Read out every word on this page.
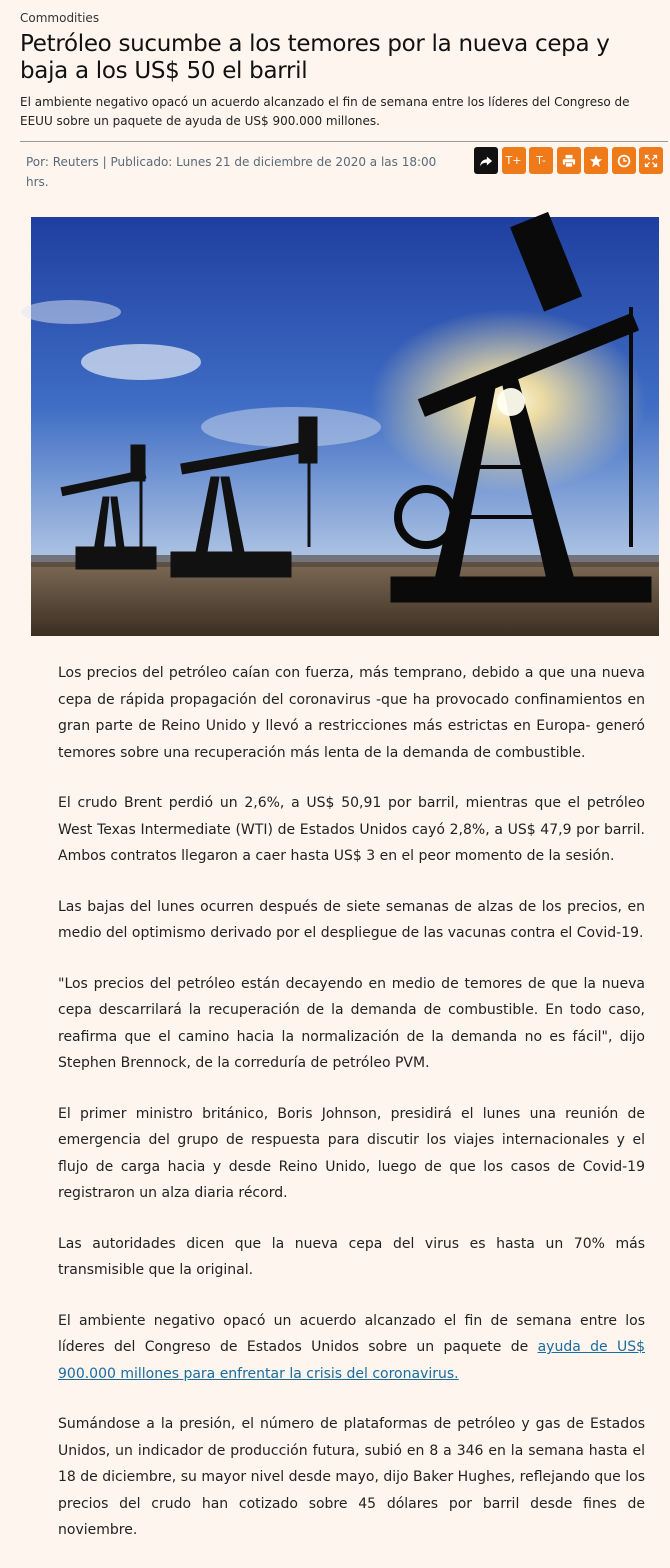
Commodities
Petróleo sucumbe a los temores por la nueva cepa y baja a los US$ 50 el barril
El ambiente negativo opacó un acuerdo alcanzado el fin de semana entre los líderes del Congreso de EEUU sobre un paquete de ayuda de US$ 900.000 millones.
Por: Reuters | Publicado: Lunes 21 de diciembre de 2020 a las 18:00 hrs.
T+	T-

Los precios del petróleo caían con fuerza, más temprano, debido a que una nueva cepa de rápida propagación del coronavirus -que ha provocado confinamientos en gran parte de Reino Unido y llevó a restricciones más estrictas en Europa- generó temores sobre una recuperación más lenta de la demanda de combustible.

El crudo Brent perdió un 2,6%, a US$ 50,91 por barril, mientras que el petróleo West Texas Intermediate (WTI) de Estados Unidos cayó 2,8%, a US$ 47,9 por barril. Ambos contratos llegaron a caer hasta US$ 3 en el peor momento de la sesión.

Las bajas del lunes ocurren después de siete semanas de alzas de los precios, en medio del optimismo derivado por el despliegue de las vacunas contra el Covid-19.

"Los precios del petróleo están decayendo en medio de temores de que la nueva cepa descarrilará la recuperación de la demanda de combustible. En todo caso, reafirma que el camino hacia la normalización de la demanda no es fácil", dijo Stephen Brennock, de la correduría de petróleo PVM.

El primer ministro británico, Boris Johnson, presidirá el lunes una reunión de emergencia del grupo de respuesta para discutir los viajes internacionales y el flujo de carga hacia y desde Reino Unido, luego de que los casos de Covid-19 registraron un alza diaria récord.

Las autoridades dicen que la nueva cepa del virus es hasta un 70% más transmisible que la original.

El ambiente negativo opacó un acuerdo alcanzado el fin de semana entre los líderes del Congreso de Estados Unidos sobre un paquete de ayuda de US$ 900.000 millones para enfrentar la crisis del coronavirus.

Sumándose a la presión, el número de plataformas de petróleo y gas de Estados Unidos, un indicador de producción futura, subió en 8 a 346 en la semana hasta el 18 de diciembre, su mayor nivel desde mayo, dijo Baker Hughes, reflejando que los precios del crudo han cotizado sobre 45 dólares por barril desde fines de noviembre.
